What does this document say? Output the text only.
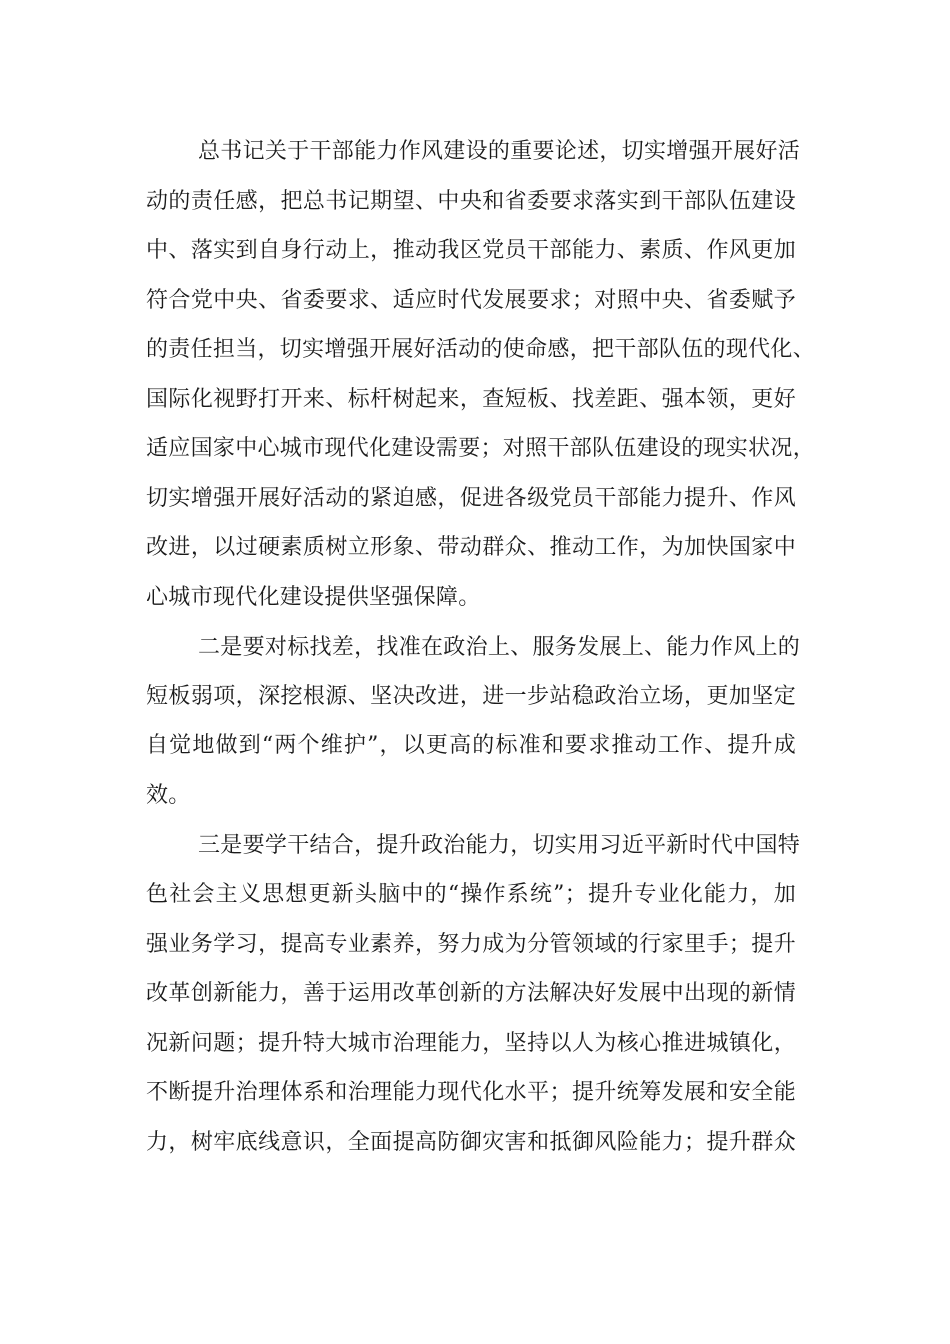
总书记关于干部能力作风建设的重要论述，切实增强开展好活
动的责任感，把总书记期望、中央和省委要求落实到干部队伍建设
中、落实到自身行动上，推动我区党员干部能力、素质、作风更加
符合党中央、省委要求、适应时代发展要求；对照中央、省委赋予
的责任担当，切实增强开展好活动的使命感，把干部队伍的现代化、
国际化视野打开来、标杆树起来，查短板、找差距、强本领，更好
适应国家中心城市现代化建设需要；对照干部队伍建设的现实状况，
切实增强开展好活动的紧迫感，促进各级党员干部能力提升、作风
改进，以过硬素质树立形象、带动群众、推动工作，为加快国家中
心城市现代化建设提供坚强保障。
二是要对标找差，找准在政治上、服务发展上、能力作风上的
短板弱项，深挖根源、坚决改进，进一步站稳政治立场，更加坚定
自觉地做到“两个维护”，以更高的标准和要求推动工作、提升成
效。
三是要学干结合，提升政治能力，切实用习近平新时代中国特
色社会主义思想更新头脑中的“操作系统”；提升专业化能力，加
强业务学习，提高专业素养，努力成为分管领域的行家里手；提升
改革创新能力，善于运用改革创新的方法解决好发展中出现的新情
况新问题；提升特大城市治理能力，坚持以人为核心推进城镇化，
不断提升治理体系和治理能力现代化水平；提升统筹发展和安全能
力，树牢底线意识，全面提高防御灾害和抵御风险能力；提升群众
